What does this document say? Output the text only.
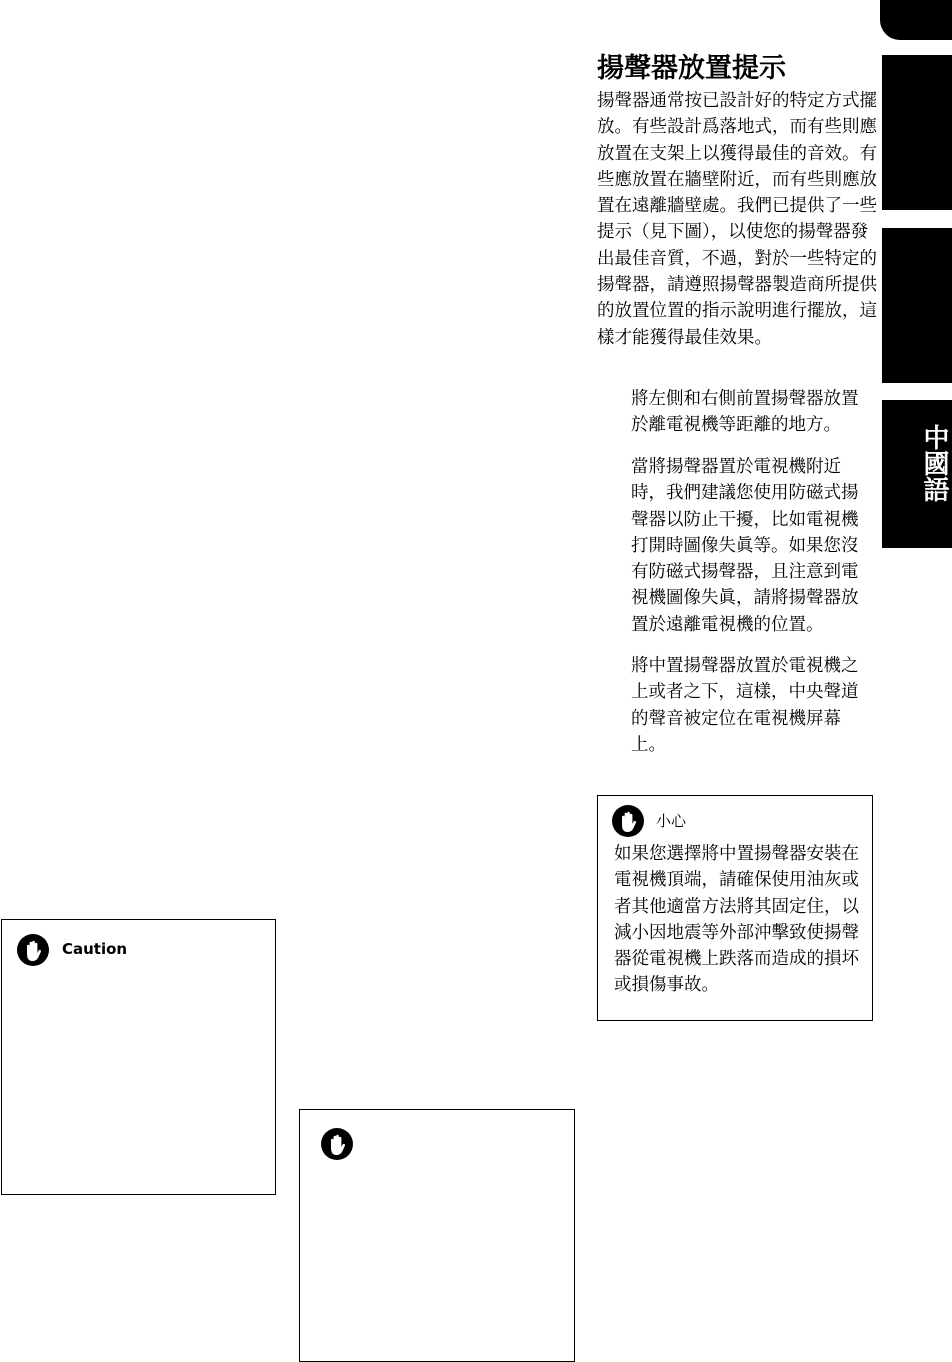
中國語
揚聲器放置提示

揚聲器通常按已設計好的特定方式擺放。有些設計爲落地式，而有些則應放置在支架上以獲得最佳的音效。有些應放置在牆壁附近，而有些則應放置在遠離牆壁處。我們已提供了一些提示（見下圖），以使您的揚聲器發出最佳音質，不過，對於一些特定的揚聲器，請遵照揚聲器製造商所提供的放置位置的指示說明進行擺放，這樣才能獲得最佳效果。

將左側和右側前置揚聲器放置於離電視機等距離的地方。
當將揚聲器置於電視機附近時，我們建議您使用防磁式揚聲器以防止干擾，比如電視機打開時圖像失眞等。如果您沒有防磁式揚聲器，且注意到電視機圖像失眞，請將揚聲器放置於遠離電視機的位置。
將中置揚聲器放置於電視機之上或者之下，這樣，中央聲道的聲音被定位在電視機屏幕上。
小心

如果您選擇將中置揚聲器安裝在電視機頂端，請確保使用油灰或者其他適當方法將其固定住，以減小因地震等外部沖擊致使揚聲器從電視機上跌落而造成的損坏或損傷事故。

Caution
